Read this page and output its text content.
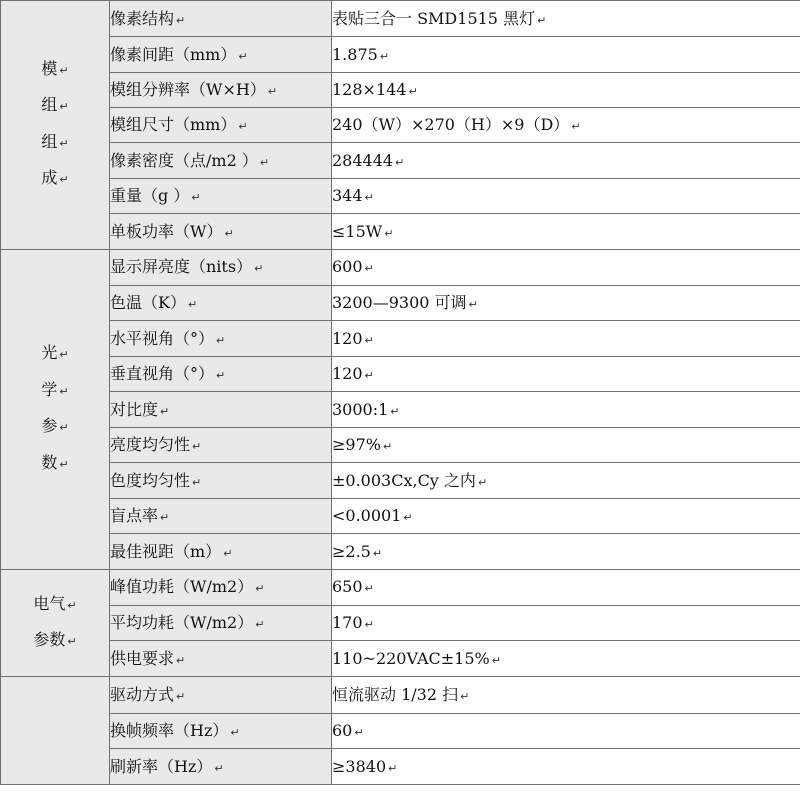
模 ↵
组 ↵
组 ↵
成 ↵	像素结构 ↵	表贴三合一 SMD1515 黑灯 ↵
	像素间距（mm） ↵	1.875 ↵
	模组分辨率（W×H） ↵	128×144 ↵
	模组尺寸（mm） ↵	240（W）×270（H）×9（D） ↵
	像素密度（点/m2 ） ↵	284444 ↵
	重量（g ） ↵	344 ↵
	单板功率（W） ↵	≤15W ↵

光 ↵
学 ↵
参 ↵
数 ↵	显示屏亮度（nits） ↵	600 ↵
	色温（K） ↵	3200—9300 可调 ↵
	水平视角（°） ↵	120 ↵
	垂直视角（°） ↵	120 ↵
	对比度 ↵	3000:1 ↵
	亮度均匀性 ↵	≥97% ↵
	色度均匀性 ↵	±0.003Cx,Cy 之内 ↵
	盲点率 ↵	<0.0001 ↵
	最佳视距（m） ↵	≥2.5 ↵

电气 ↵
参数 ↵	峰值功耗（W/m2） ↵	650 ↵
	平均功耗（W/m2） ↵	170 ↵
	供电要求 ↵	110~220VAC±15% ↵
	驱动方式 ↵	恒流驱动 1/32 扫 ↵
	换帧频率（Hz） ↵	60 ↵
	刷新率（Hz） ↵	≥3840 ↵
